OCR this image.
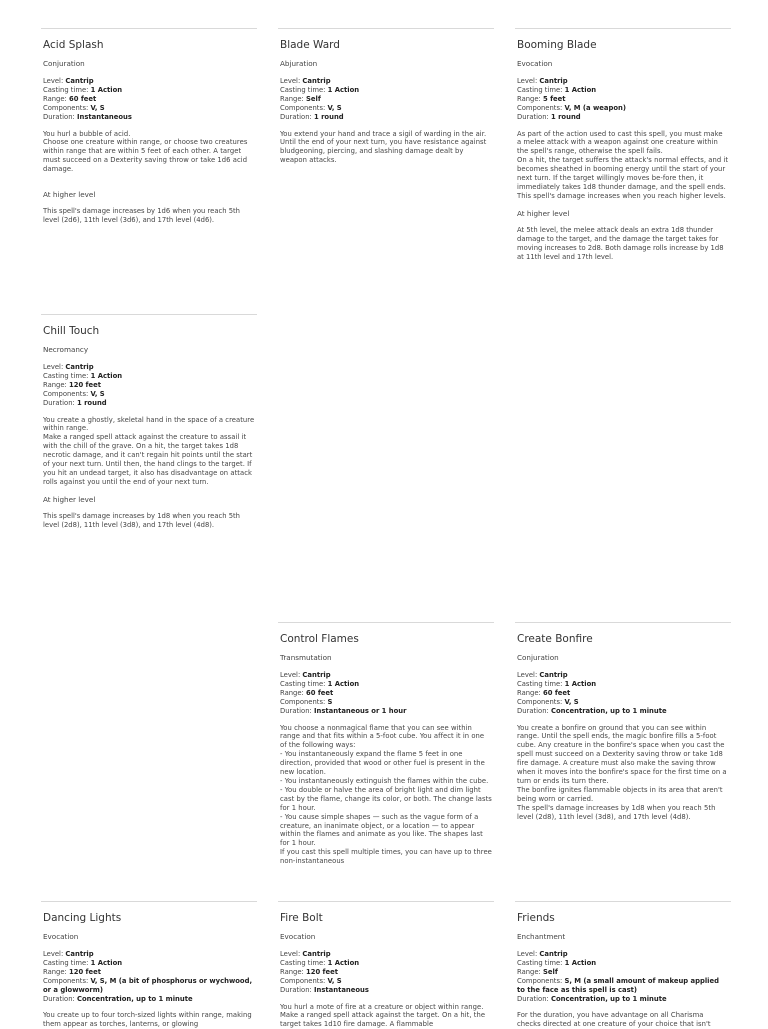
Acid Splash
Conjuration
Level: Cantrip
Casting time: 1 Action
Range: 60 feet
Components: V, S
Duration: Instantaneous
You hurl a bubble of acid.
Choose one creature within range, or choose two creatures within range that are within 5 feet of each other. A target must succeed on a Dexterity saving throw or take 1d6 acid damage.
At higher level
This spell's damage increases by 1d6 when you reach 5th level (2d6), 11th level (3d6), and 17th level (4d6).
Blade Ward
Abjuration
Level: Cantrip
Casting time: 1 Action
Range: Self
Components: V, S
Duration: 1 round
You extend your hand and trace a sigil of warding in the air. Until the end of your next turn, you have resistance against bludgeoning, piercing, and slashing damage dealt by weapon attacks.
Booming Blade
Evocation
Level: Cantrip
Casting time: 1 Action
Range: 5 feet
Components: V, M (a weapon)
Duration: 1 round
As part of the action used to cast this spell, you must make a melee attack with a weapon against one creature within the spell's range, otherwise the spell fails.
On a hit, the target suffers the attack's normal effects, and it becomes sheathed in booming energy until the start of your next turn. If the target willingly moves be-fore then, it immediately takes 1d8 thunder damage, and the spell ends.
This spell's damage increases when you reach higher levels.
At higher level
At 5th level, the melee attack deals an extra 1d8 thunder damage to the target, and the damage the target takes for moving increases to 2d8. Both damage rolls increase by 1d8 at 11th level and 17th level.
Chill Touch
Necromancy
Level: Cantrip
Casting time: 1 Action
Range: 120 feet
Components: V, S
Duration: 1 round
You create a ghostly, skeletal hand in the space of a creature within range.
Make a ranged spell attack against the creature to assail it with the chill of the grave. On a hit, the target takes 1d8 necrotic damage, and it can't regain hit points until the start of your next turn. Until then, the hand clings to the target. If you hit an undead target, it also has disadvantage on attack rolls against you until the end of your next turn.
At higher level
This spell's damage increases by 1d8 when you reach 5th level (2d8), 11th level (3d8), and 17th level (4d8).
Control Flames
Transmutation
Level: Cantrip
Casting time: 1 Action
Range: 60 feet
Components: S
Duration: Instantaneous or 1 hour
You choose a nonmagical flame that you can see within range and that fits within a 5-foot cube. You affect it in one of the following ways:
- You instantaneously expand the flame 5 feet in one direction, provided that wood or other fuel is present in the new location.
- You instantaneously extinguish the flames within the cube.
- You double or halve the area of bright light and dim light cast by the flame, change its color, or both. The change lasts for 1 hour.
- You cause simple shapes — such as the vague form of a creature, an inanimate object, or a location — to appear within the flames and animate as you like. The shapes last for 1 hour.
If you cast this spell multiple times, you can have up to three non-instantaneous
Create Bonfire
Conjuration
Level: Cantrip
Casting time: 1 Action
Range: 60 feet
Components: V, S
Duration: Concentration, up to 1 minute
You create a bonfire on ground that you can see within range. Until the spell ends, the magic bonfire fills a 5-foot cube. Any creature in the bonfire's space when you cast the spell must succeed on a Dexterity saving throw or take 1d8 fire damage. A creature must also make the saving throw when it moves into the bonfire's space for the first time on a turn or ends its turn there.
The bonfire ignites flammable objects in its area that aren't being worn or carried.
The spell's damage increases by 1d8 when you reach 5th level (2d8), 11th level (3d8), and 17th level (4d8).
Dancing Lights
Evocation
Level: Cantrip
Casting time: 1 Action
Range: 120 feet
Components: V, S, M (a bit of phosphorus or wychwood, or a glowworm)
Duration: Concentration, up to 1 minute
You create up to four torch-sized lights within range, making them appear as torches, lanterns, or glowing
Fire Bolt
Evocation
Level: Cantrip
Casting time: 1 Action
Range: 120 feet
Components: V, S
Duration: Instantaneous
You hurl a mote of fire at a creature or object within range. Make a ranged spell attack against the target. On a hit, the target takes 1d10 fire damage. A flammable
Friends
Enchantment
Level: Cantrip
Casting time: 1 Action
Range: Self
Components: S, M (a small amount of makeup applied to the face as this spell is cast)
Duration: Concentration, up to 1 minute
For the duration, you have advantage on all Charisma checks directed at one creature of your choice that isn't
